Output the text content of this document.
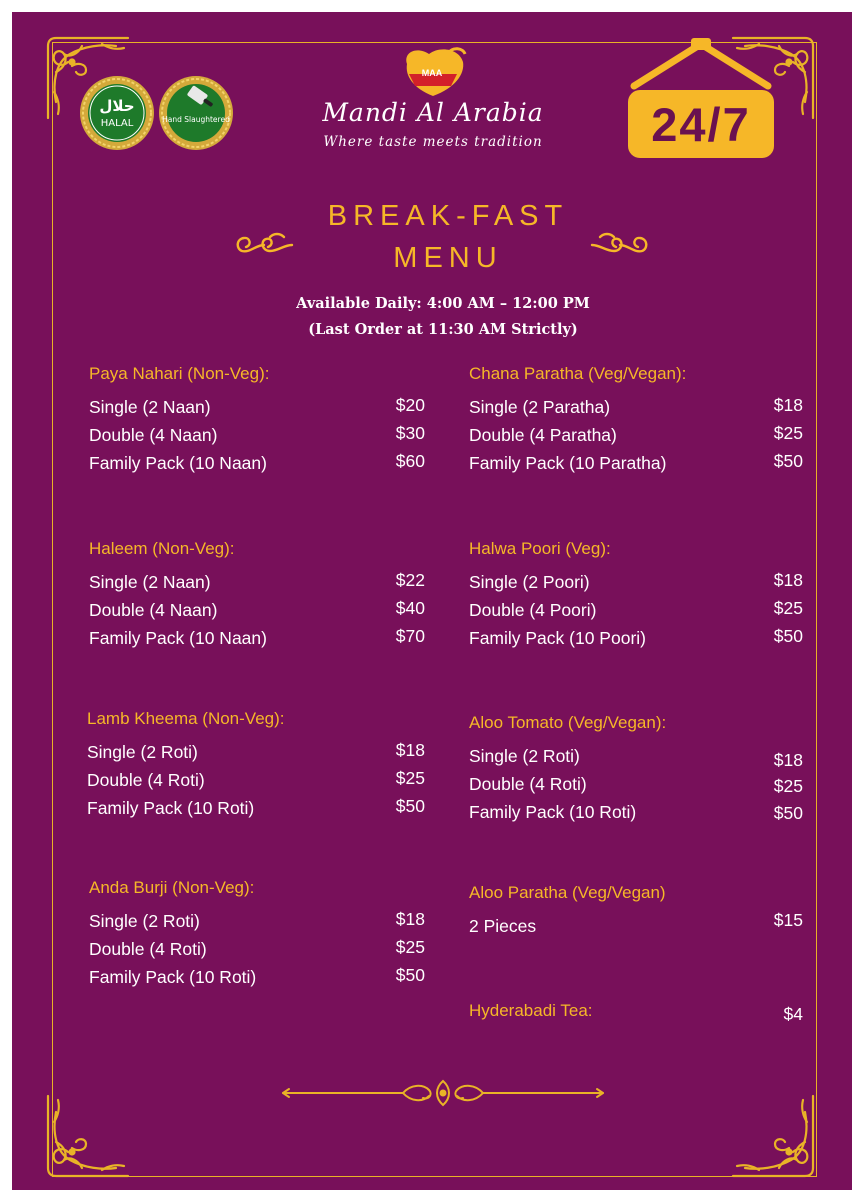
حلال
HALAL	Hand Slaughtered
MAA
Mandi Al Arabia
Where taste meets tradition	24/7
BREAK-FAST
MENU
Available Daily: 4:00 AM – 12:00 PM
(Last Order at 11:30 AM Strictly)
Paya Nahari (Non-Veg):
Single (2 Naan)	$20
Double (4 Naan)	$30
Family Pack (10 Naan)	$60
Haleem (Non-Veg):
Single (2 Naan)	$22
Double (4 Naan)	$40
Family Pack (10 Naan)	$70
Lamb Kheema (Non-Veg):
Single (2 Roti)	$18
Double (4 Roti)	$25
Family Pack (10 Roti)	$50
Anda Burji (Non-Veg):
Single (2 Roti)	$18
Double (4 Roti)	$25
Family Pack (10 Roti)	$50
Chana Paratha (Veg/Vegan):
Single (2 Paratha)	$18
Double (4 Paratha)	$25
Family Pack (10 Paratha)	$50
Halwa Poori (Veg):
Single (2 Poori)	$18
Double (4 Poori)	$25
Family Pack (10 Poori)	$50
Aloo Tomato (Veg/Vegan):
Single (2 Roti)	$18
Double (4 Roti)	$25
Family Pack (10 Roti)	$50
Aloo Paratha (Veg/Vegan)
2 Pieces	$15
Hyderabadi Tea:	$4
